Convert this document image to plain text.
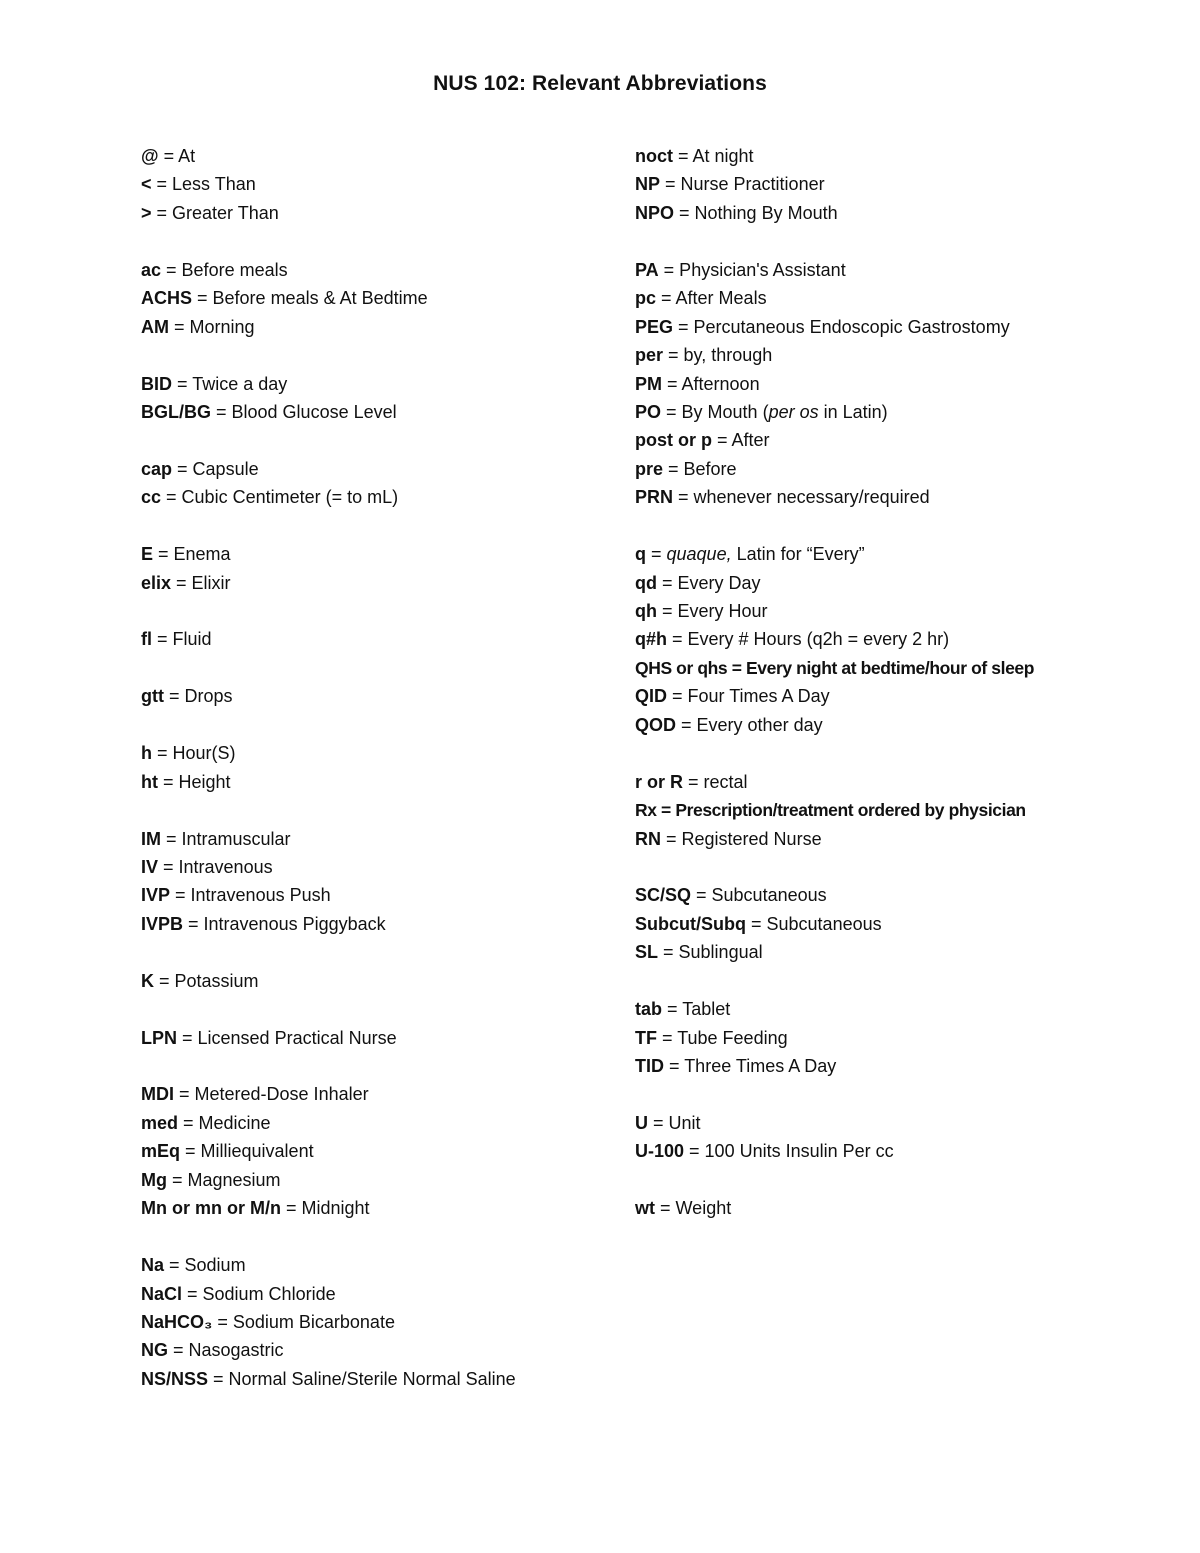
NUS 102: Relevant Abbreviations
@ = At
< = Less Than
> = Greater Than
ac = Before meals
ACHS = Before meals & At Bedtime
AM = Morning
BID = Twice a day
BGL/BG = Blood Glucose Level
cap = Capsule
cc = Cubic Centimeter (= to mL)
E = Enema
elix = Elixir
fl = Fluid
gtt = Drops
h = Hour(S)
ht = Height
IM = Intramuscular
IV = Intravenous
IVP = Intravenous Push
IVPB = Intravenous Piggyback
K = Potassium
LPN = Licensed Practical Nurse
MDI = Metered-Dose Inhaler
med = Medicine
mEq = Milliequivalent
Mg = Magnesium
Mn or mn or M/n = Midnight
Na = Sodium
NaCl = Sodium Chloride
NaHCO₃ = Sodium Bicarbonate
NG = Nasogastric
NS/NSS = Normal Saline/Sterile Normal Saline
noct = At night
NP = Nurse Practitioner
NPO = Nothing By Mouth
PA = Physician's Assistant
pc = After Meals
PEG = Percutaneous Endoscopic Gastrostomy
per = by, through
PM = Afternoon
PO = By Mouth (per os in Latin)
post or p = After
pre = Before
PRN = whenever necessary/required
q = quaque, Latin for “Every”
qd = Every Day
qh = Every Hour
q#h = Every # Hours (q2h = every 2 hr)
QHS or qhs = Every night at bedtime/hour of sleep
QID = Four Times A Day
QOD = Every other day
r or R = rectal
Rx = Prescription/treatment ordered by physician
RN = Registered Nurse
SC/SQ = Subcutaneous
Subcut/Subq = Subcutaneous
SL = Sublingual
tab = Tablet
TF = Tube Feeding
TID = Three Times A Day
U = Unit
U-100 = 100 Units Insulin Per cc
wt = Weight
